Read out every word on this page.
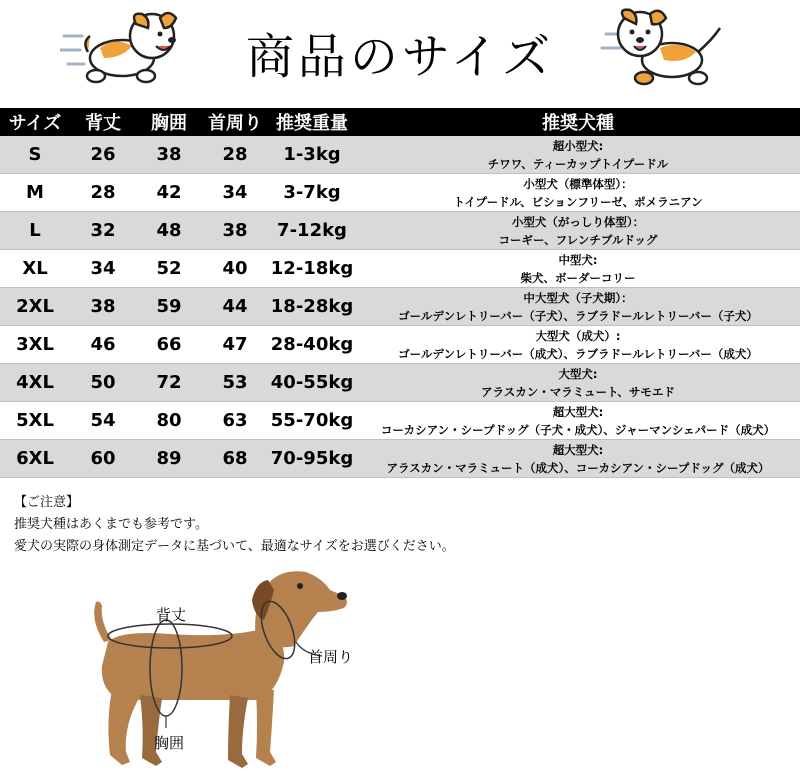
商品のサイズ
サイズ	背丈	胸囲	首周り	推奨重量	推奨犬種
S	26	38	28	1-3kg	超小型犬:
チワワ、ティーカップトイプードル

M	28	42	34	3-7kg	小型犬（標準体型）：
トイプードル、ビションフリーゼ、ポメラニアン

L	32	48	38	7-12kg	小型犬（がっしり体型）：
コーギー、フレンチブルドッグ

XL	34	52	40	12-18kg	中型犬:
柴犬、ボーダーコリー

2XL	38	59	44	18-28kg	中大型犬（子犬期）：
ゴールデンレトリーバー（子犬）、ラブラドールレトリーバー（子犬）

3XL	46	66	47	28-40kg	大型犬（成犬）:
ゴールデンレトリーバー（成犬）、ラブラドールレトリーバー（成犬）

4XL	50	72	53	40-55kg	大型犬:
アラスカン・マラミュート、サモエド

5XL	54	80	63	55-70kg	超大型犬:
コーカシアン・シープドッグ（子犬・成犬）、ジャーマンシェパード（成犬）

6XL	60	89	68	70-95kg	超大型犬:
アラスカン・マラミュート（成犬）、コーカシアン・シープドッグ（成犬）
【ご注意】
推奨犬種はあくまでも参考です。
愛犬の実際の身体測定データに基づいて、最適なサイズをお選びください。
背丈
首周り
胸囲
